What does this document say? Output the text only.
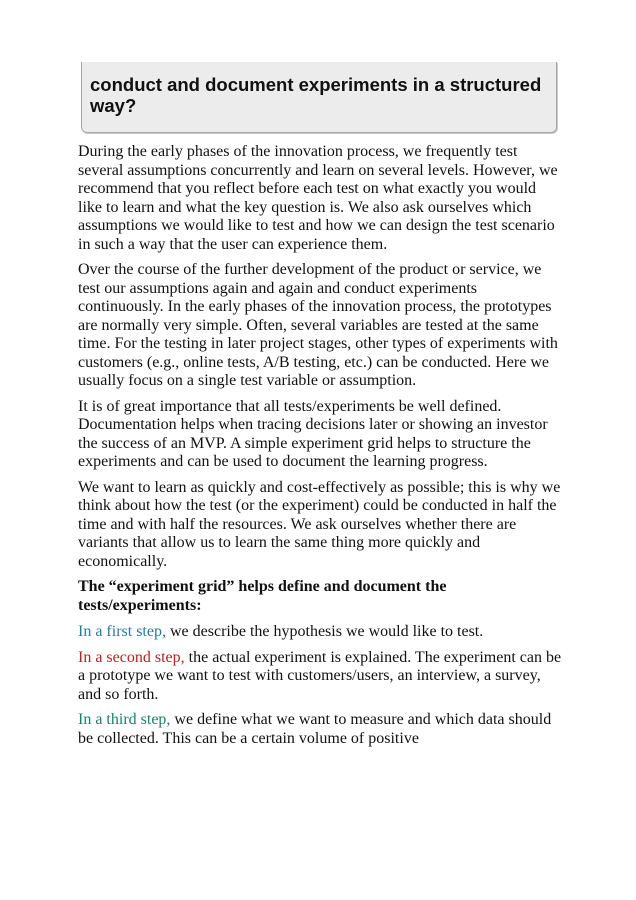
conduct and document experiments in a structured way?

During the early phases of the innovation process, we frequently test several assumptions concurrently and learn on several levels. However, we recommend that you reflect before each test on what exactly you would like to learn and what the key question is. We also ask ourselves which assumptions we would like to test and how we can design the test scenario in such a way that the user can experience them.

Over the course of the further development of the product or service, we test our assumptions again and again and conduct experiments continuously. In the early phases of the innovation process, the prototypes are normally very simple. Often, several variables are tested at the same time. For the testing in later project stages, other types of experiments with customers (e.g., online tests, A/B testing, etc.) can be conducted. Here we usually focus on a single test variable or assumption.

It is of great importance that all tests/experiments be well defined. Documentation helps when tracing decisions later or showing an investor the success of an MVP. A simple experiment grid helps to structure the experiments and can be used to document the learning progress.

We want to learn as quickly and cost-effectively as possible; this is why we think about how the test (or the experiment) could be conducted in half the time and with half the resources. We ask ourselves whether there are variants that allow us to learn the same thing more quickly and economically.

The “experiment grid” helps define and document the tests/experiments:

In a first step, we describe the hypothesis we would like to test.

In a second step, the actual experiment is explained. The experiment can be a prototype we want to test with customers/users, an interview, a survey, and so forth.

In a third step, we define what we want to measure and which data should be collected. This can be a certain volume of positive
